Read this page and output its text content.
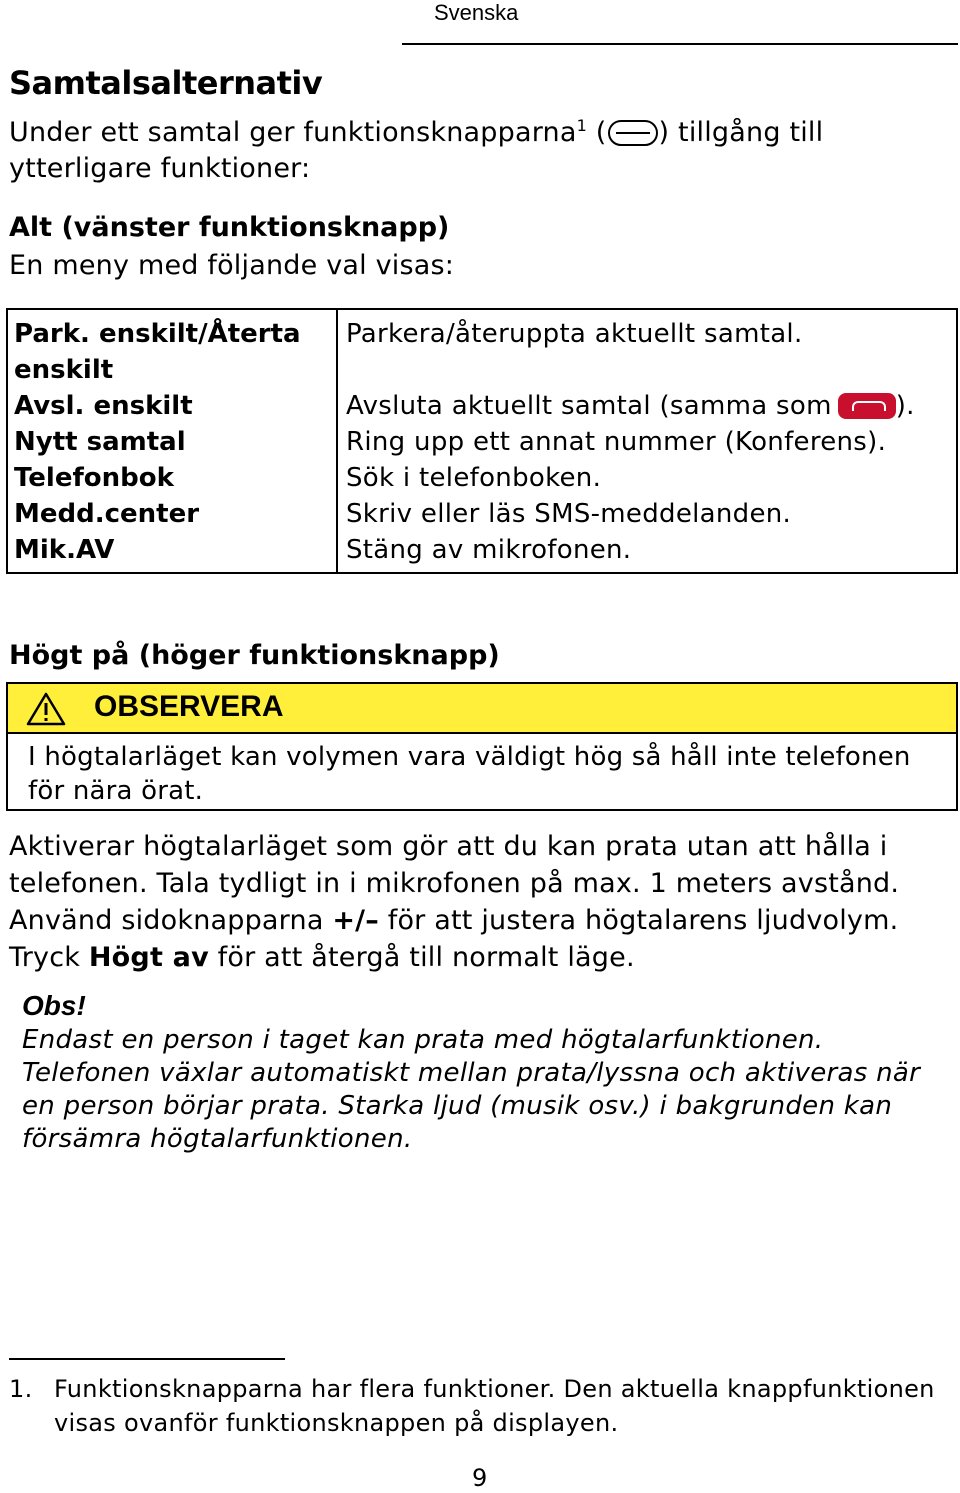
Svenska
Samtalsalternativ
Under ett samtal ger funktionsknapparna$^1$ ( ) tillgång till ytterligare funktioner:
Alt (vänster funktionsknapp)
En meny med följande val visas:
Park. enskilt/Återta enskilt	Parkera/återuppta aktuellt samtal.
Avsl. enskilt	Avsluta aktuellt samtal (samma som ).
Nytt samtal	Ring upp ett annat nummer (Konferens).
Telefonbok	Sök i telefonboken.
Medd.center	Skriv eller läs SMS-meddelanden.
Mik.AV	Stäng av mikrofonen.
Högt på (höger funktionsknapp)
OBSERVERA
I högtalarläget kan volymen vara väldigt hög så håll inte telefonen för nära örat.
Aktiverar högtalarläget som gör att du kan prata utan att hålla i telefonen. Tala tydligt in i mikrofonen på max. 1 meters avstånd. Använd sidoknapparna +/– för att justera högtalarens ljudvolym. Tryck Högt av för att återgå till normalt läge.
Obs!
Endast en person i taget kan prata med högtalarfunktionen. Telefonen växlar automatiskt mellan prata/lyssna och aktiveras när en person börjar prata. Starka ljud (musik osv.) i bakgrunden kan försämra högtalarfunktionen.
1. Funktionsknapparna har flera funktioner. Den aktuella knappfunktionen visas ovanför funktionsknappen på displayen.
9
